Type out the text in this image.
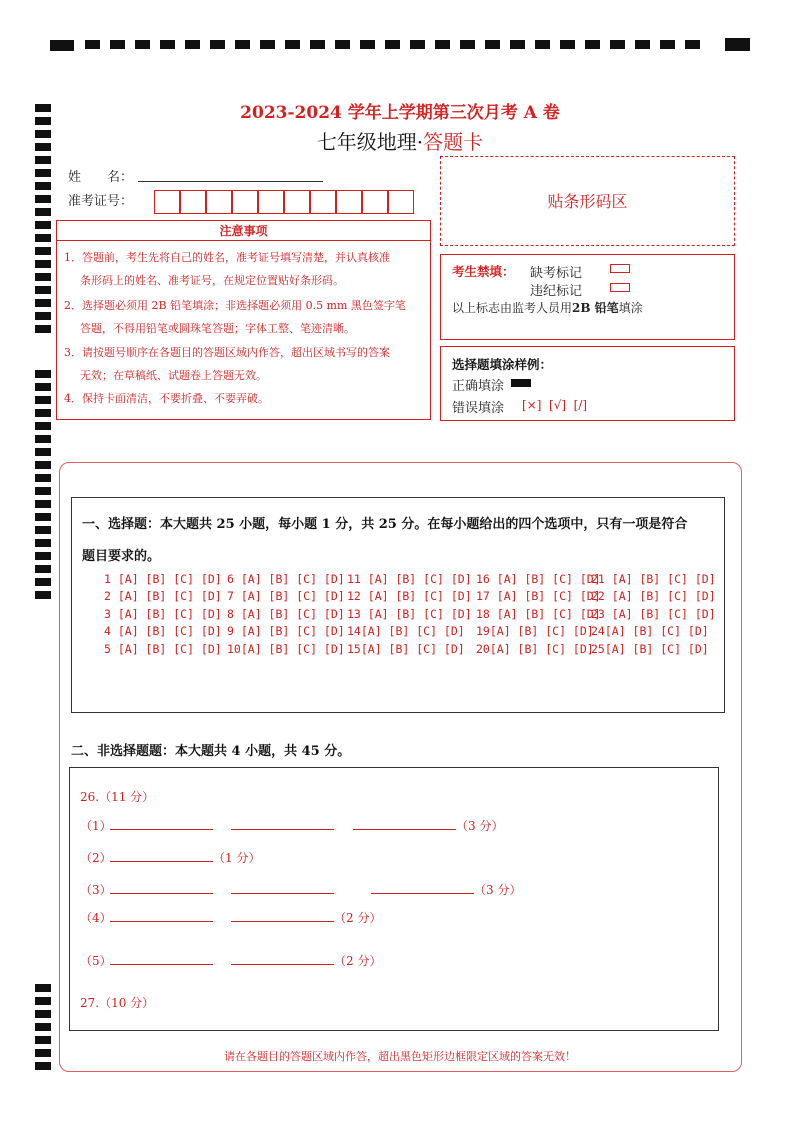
2023-2024 学年上学期第三次月考 A 卷
七年级地理·答题卡
姓　　名：
准考证号：	贴条形码区
注意事项
1．答题前，考生先将自己的姓名，准考证号填写清楚，并认真核准
条形码上的姓名、准考证号，在规定位置贴好条形码。
2．选择题必须用 2B 铅笔填涂；非选择题必须用 0.5 mm 黑色签字笔
答题，不得用铅笔或圆珠笔答题；字体工整、笔迹清晰。
3．请按题号顺序在各题目的答题区域内作答，超出区域书写的答案
无效；在草稿纸、试题卷上答题无效。
4．保持卡面清洁，不要折叠、不要弄破。
考生禁填： 缺考标记
违纪标记
以上标志由监考人员用2B 铅笔填涂
选择题填涂样例：
正确填涂
错误填涂 [×]  [√]  [/]
一、选择题：本大题共 25 小题，每小题 1 分，共 25 分。在每小题给出的四个选项中，只有一项是符合
题目要求的。
1 [A] [B] [C] [D]
2 [A] [B] [C] [D]
3 [A] [B] [C] [D]
4 [A] [B] [C] [D]
5 [A] [B] [C] [D]
6 [A] [B] [C] [D]
7 [A] [B] [C] [D]
8 [A] [B] [C] [D]
9 [A] [B] [C] [D]
10[A] [B] [C] [D]
11 [A] [B] [C] [D]
12 [A] [B] [C] [D]
13 [A] [B] [C] [D]
14[A] [B] [C] [D]
15[A] [B] [C] [D]
16 [A] [B] [C] [D]
17 [A] [B] [C] [D]
18 [A] [B] [C] [D]
19[A] [B] [C] [D]
20[A] [B] [C] [D]
21 [A] [B] [C] [D]
22 [A] [B] [C] [D]
23 [A] [B] [C] [D]
24[A] [B] [C] [D]
25[A] [B] [C] [D]
二、非选择题题：本大题共 4 小题，共 45 分。
26.（11 分）
（1）	（3 分）
（2）	（1 分）
（3）	（3 分）
（4）	（2 分）
（5）	（2 分）
27.（10 分）
请在各题目的答题区域内作答，超出黑色矩形边框限定区域的答案无效！
